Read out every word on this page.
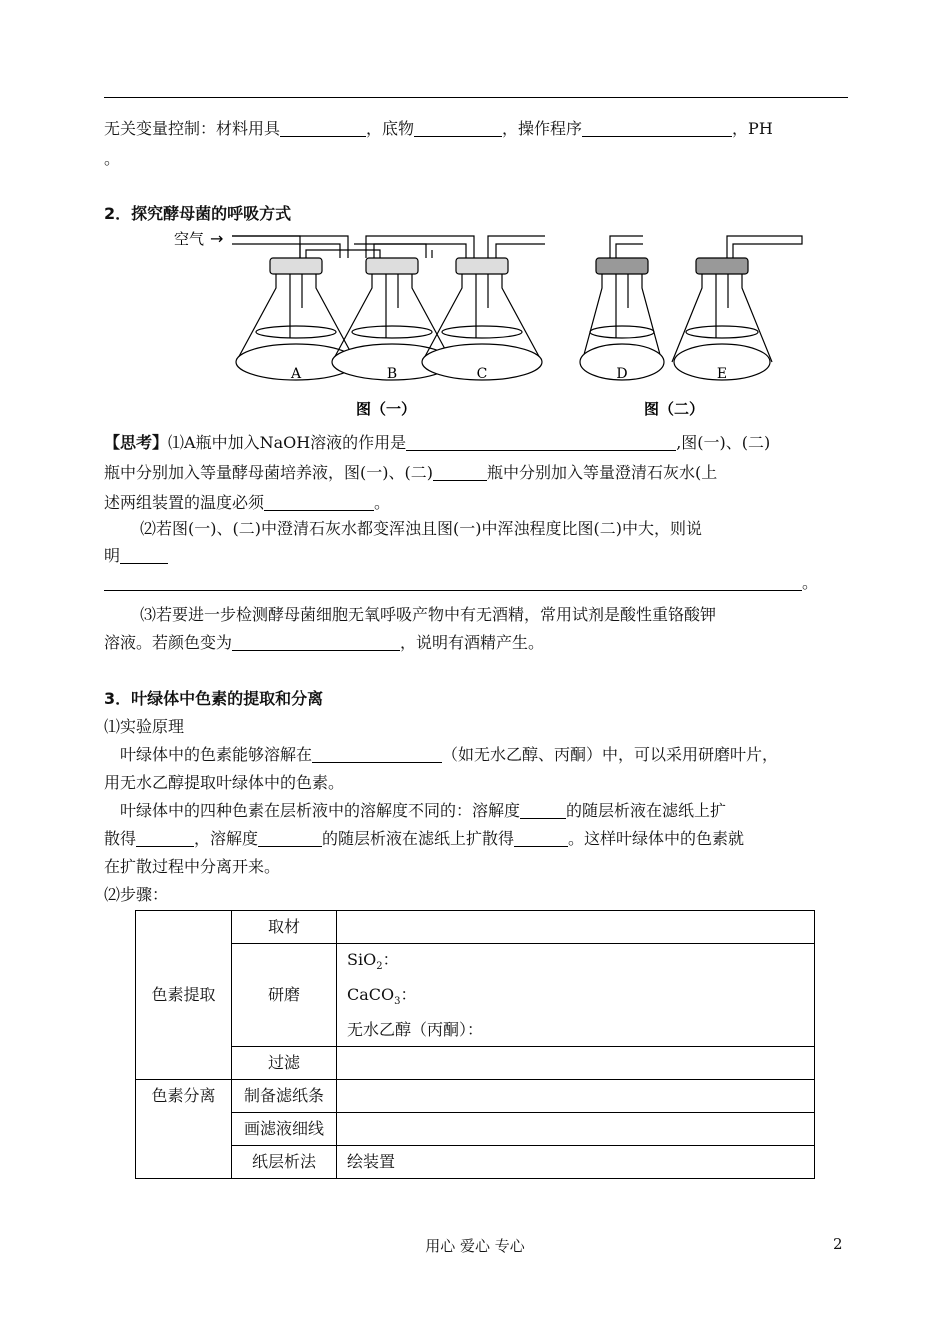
无关变量控制：材料用具	，底物	，操作程序	，PH
。
2．探究酵母菌的呼吸方式
空气 →
A	B	C	D	E
图（一）	图（二）
【思考】⑴A瓶中加入NaOH溶液的作用是	,图(一)、(二)
瓶中分别加入等量酵母菌培养液，图(一)、(二)	瓶中分别加入等量澄清石灰水(上
述两组装置的温度必须	。
⑵若图(一)、(二)中澄清石灰水都变浑浊且图(一)中浑浊程度比图(二)中大，则说
明
。
⑶若要进一步检测酵母菌细胞无氧呼吸产物中有无酒精，常用试剂是酸性重铬酸钾
溶液。若颜色变为	，说明有酒精产生。
3．叶绿体中色素的提取和分离
⑴实验原理
叶绿体中的色素能够溶解在	（如无水乙醇、丙酮）中，可以采用研磨叶片，
用无水乙醇提取叶绿体中的色素。
叶绿体中的四种色素在层析液中的溶解度不同的：溶解度	的随层析液在滤纸上扩
散得	，溶解度	的随层析液在滤纸上扩散得	。这样叶绿体中的色素就
在扩散过程中分离开来。
⑵步骤：
色素提取	取材	
	研磨	SiO$_2$：
CaCO$_3$：
无水乙醇（丙酮）：

	过滤	
色素分离	制备滤纸条	
	画滤液细线	
	纸层析法	绘装置
用心 爱心 专心	2
